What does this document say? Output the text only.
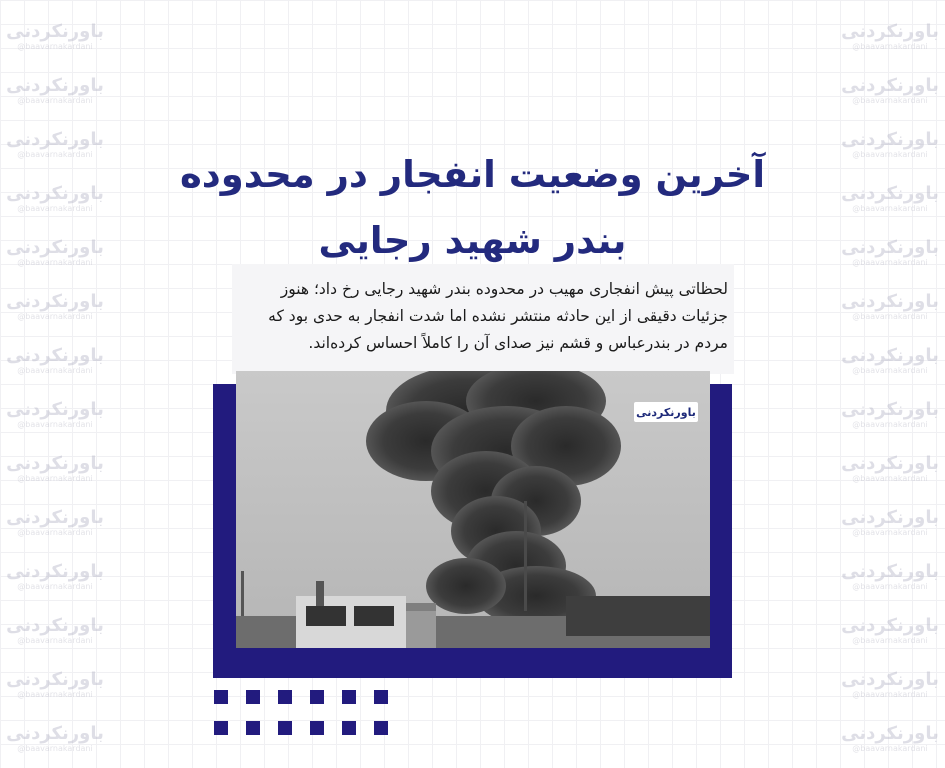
باورنکردنی
@baavarnakardani
باورنکردنی
@baavarnakardani
باورنکردنی
@baavarnakardani
باورنکردنی
@baavarnakardani
باورنکردنی
@baavarnakardani
باورنکردنی
@baavarnakardani
باورنکردنی
@baavarnakardani
باورنکردنی
@baavarnakardani
باورنکردنی
@baavarnakardani
باورنکردنی
@baavarnakardani
باورنکردنی
@baavarnakardani
باورنکردنی
@baavarnakardani
باورنکردنی
@baavarnakardani
باورنکردنی
@baavarnakardani
باورنکردنی
@baavarnakardani
باورنکردنی
@baavarnakardani
باورنکردنی
@baavarnakardani
باورنکردنی
@baavarnakardani
باورنکردنی
@baavarnakardani
باورنکردنی
@baavarnakardani
باورنکردنی
@baavarnakardani
باورنکردنی
@baavarnakardani
باورنکردنی
@baavarnakardani
باورنکردنی
@baavarnakardani
باورنکردنی
@baavarnakardani
باورنکردنی
@baavarnakardani
باورنکردنی
@baavarnakardani
باورنکردنی
@baavarnakardani
آخرین وضعیت انفجار در محدوده
بندر شهید رجایی

لحظاتی پیش انفجاری مهیب در محدوده بندر شهید رجایی رخ داد؛ هنوز جزئیات دقیقی از این حادثه منتشر نشده اما شدت انفجار به حدی بود که مردم در بندرعباس و قشم نیز صدای آن را کاملاً احساس کرده‌اند.

باورنکردنی
